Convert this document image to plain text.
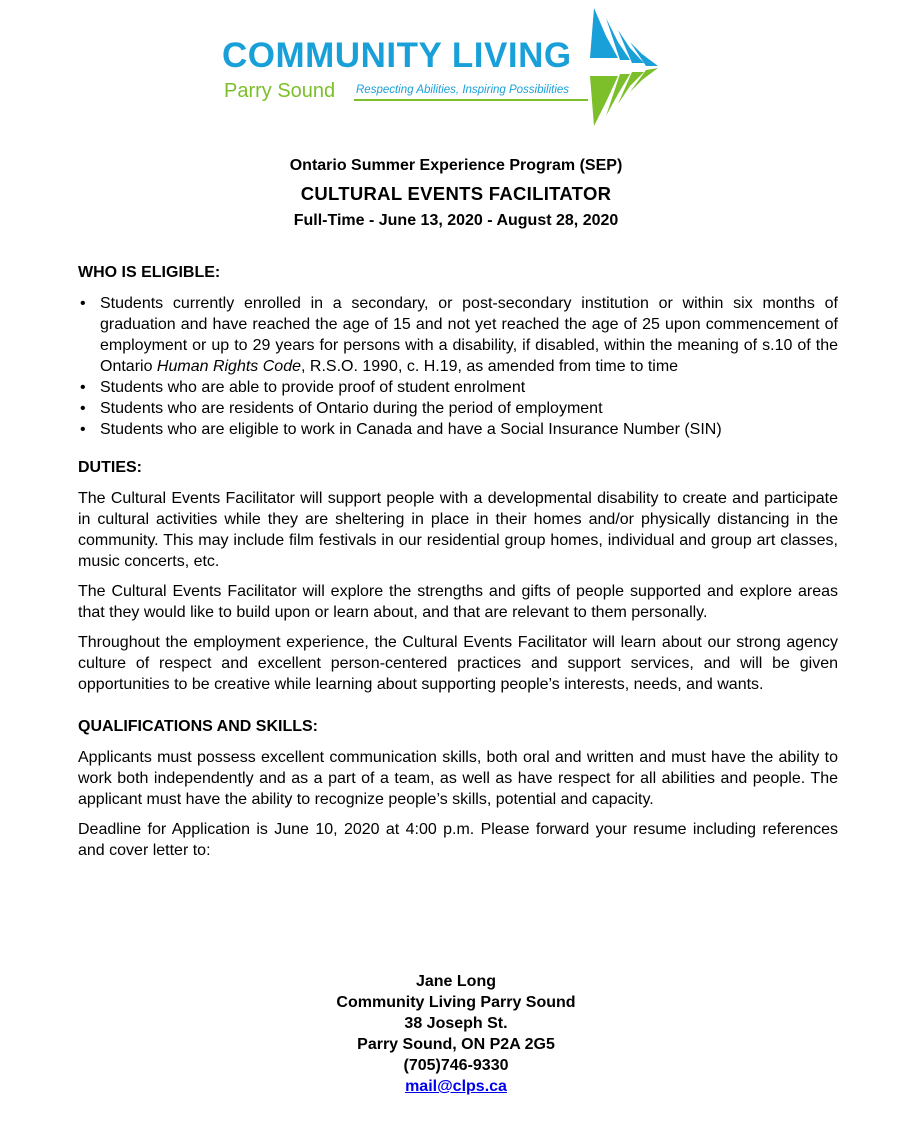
COMMUNITY LIVING
Parry Sound Respecting Abilities, Inspiring Possibilities
Ontario Summer Experience Program (SEP)
CULTURAL EVENTS FACILITATOR
Full-Time - June 13, 2020 - August 28, 2020

WHO IS ELIGIBLE:

• Students currently enrolled in a secondary, or post-secondary institution or within six months of graduation and have reached the age of 15 and not yet reached the age of 25 upon commencement of employment or up to 29 years for persons with a disability, if disabled, within the meaning of s.10 of the Ontario Human Rights Code, R.S.O. 1990, c. H.19, as amended from time to time
• Students who are able to provide proof of student enrolment
• Students who are residents of Ontario during the period of employment
• Students who are eligible to work in Canada and have a Social Insurance Number (SIN)

DUTIES:

The Cultural Events Facilitator will support people with a developmental disability to create and participate in cultural activities while they are sheltering in place in their homes and/or physically distancing in the community. This may include film festivals in our residential group homes, individual and group art classes, music concerts, etc.

The Cultural Events Facilitator will explore the strengths and gifts of people supported and explore areas that they would like to build upon or learn about, and that are relevant to them personally.

Throughout the employment experience, the Cultural Events Facilitator will learn about our strong agency culture of respect and excellent person-centered practices and support services, and will be given opportunities to be creative while learning about supporting people’s interests, needs, and wants.

QUALIFICATIONS AND SKILLS:

Applicants must possess excellent communication skills, both oral and written and must have the ability to work both independently and as a part of a team, as well as have respect for all abilities and people. The applicant must have the ability to recognize people’s skills, potential and capacity.

Deadline for Application is June 10, 2020 at 4:00 p.m. Please forward your resume including references and cover letter to:

Jane Long
Community Living Parry Sound
38 Joseph St.
Parry Sound, ON P2A 2G5
(705)746-9330
mail@clps.ca
